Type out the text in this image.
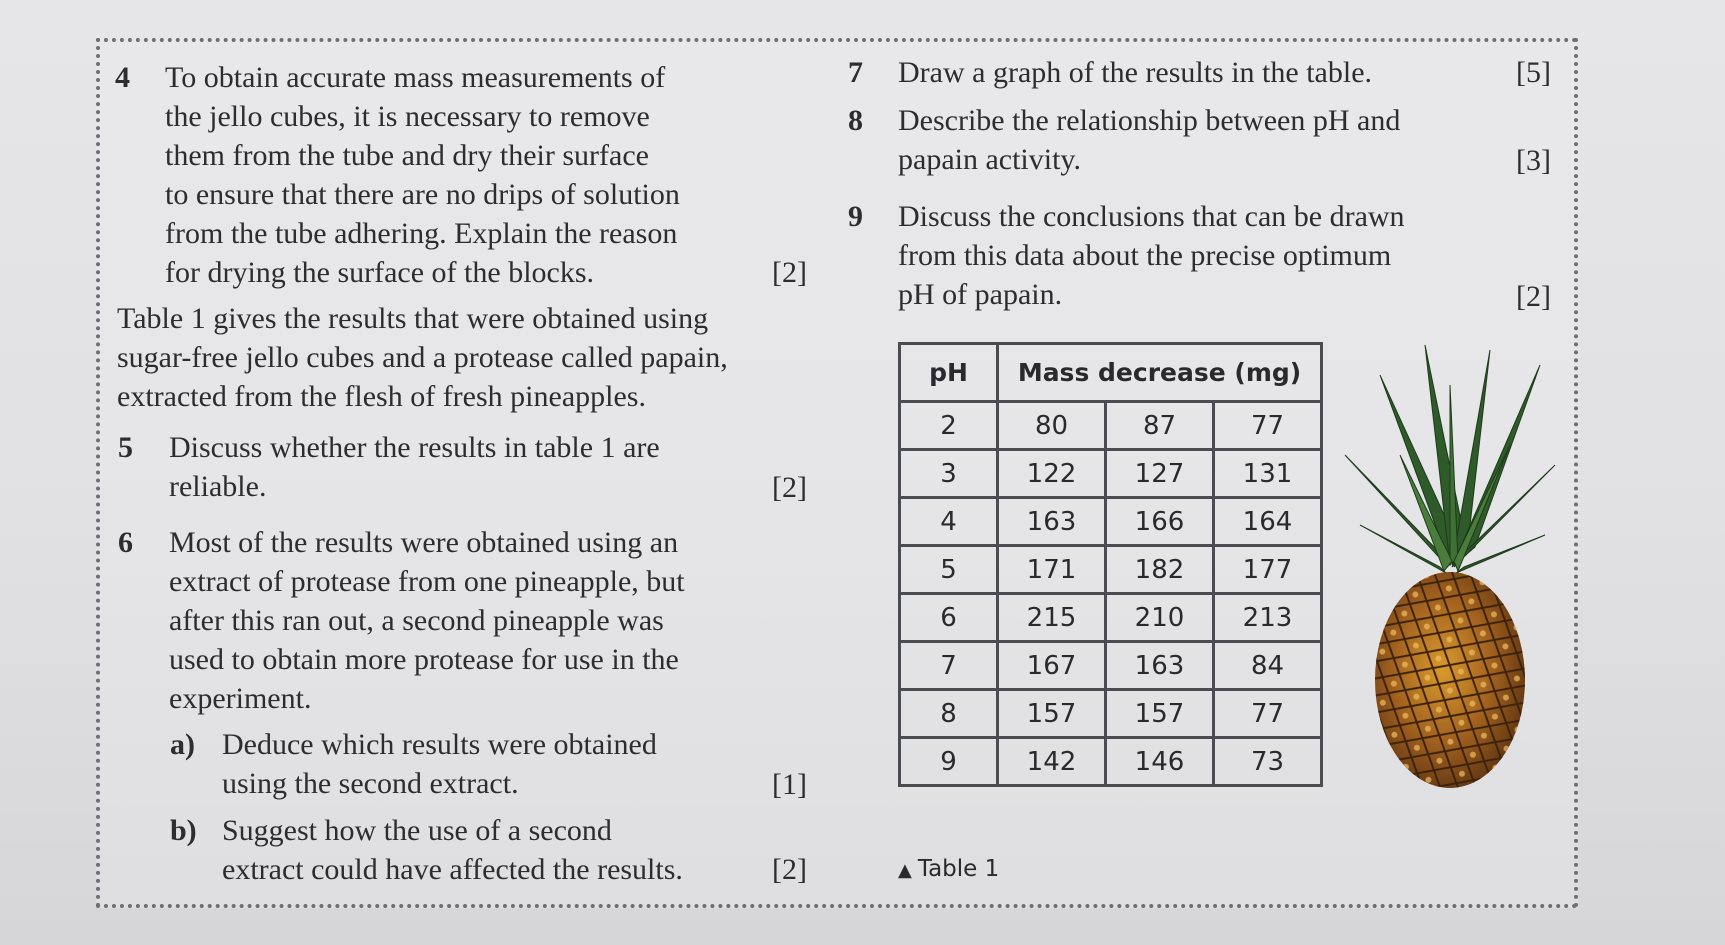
4 To obtain accurate mass measurements of
the jello cubes, it is necessary to remove
them from the tube and dry their surface
to ensure that there are no drips of solution
from the tube adhering. Explain the reason
for drying the surface of the blocks.	[2]
Table 1 gives the results that were obtained using
sugar-free jello cubes and a protease called papain,
extracted from the flesh of fresh pineapples.
5 Discuss whether the results in table 1 are
reliable.	[2]
6 Most of the results were obtained using an
extract of protease from one pineapple, but
after this ran out, a second pineapple was
used to obtain more protease for use in the
experiment.
a) Deduce which results were obtained
using the second extract.	[1]
b) Suggest how the use of a second
extract could have affected the results.	[2]
7 Draw a graph of the results in the table.	[5]
8 Describe the relationship between pH and
papain activity.	[3]
9 Discuss the conclusions that can be drawn
from this data about the precise optimum
pH of papain.	[2]
pH	Mass decrease (mg)		
2	80	87	77
3	122	127	131
4	163	166	164
5	171	182	177
6	215	210	213
7	167	163	84
8	157	157	77
9	142	146	73
▲ Table 1
